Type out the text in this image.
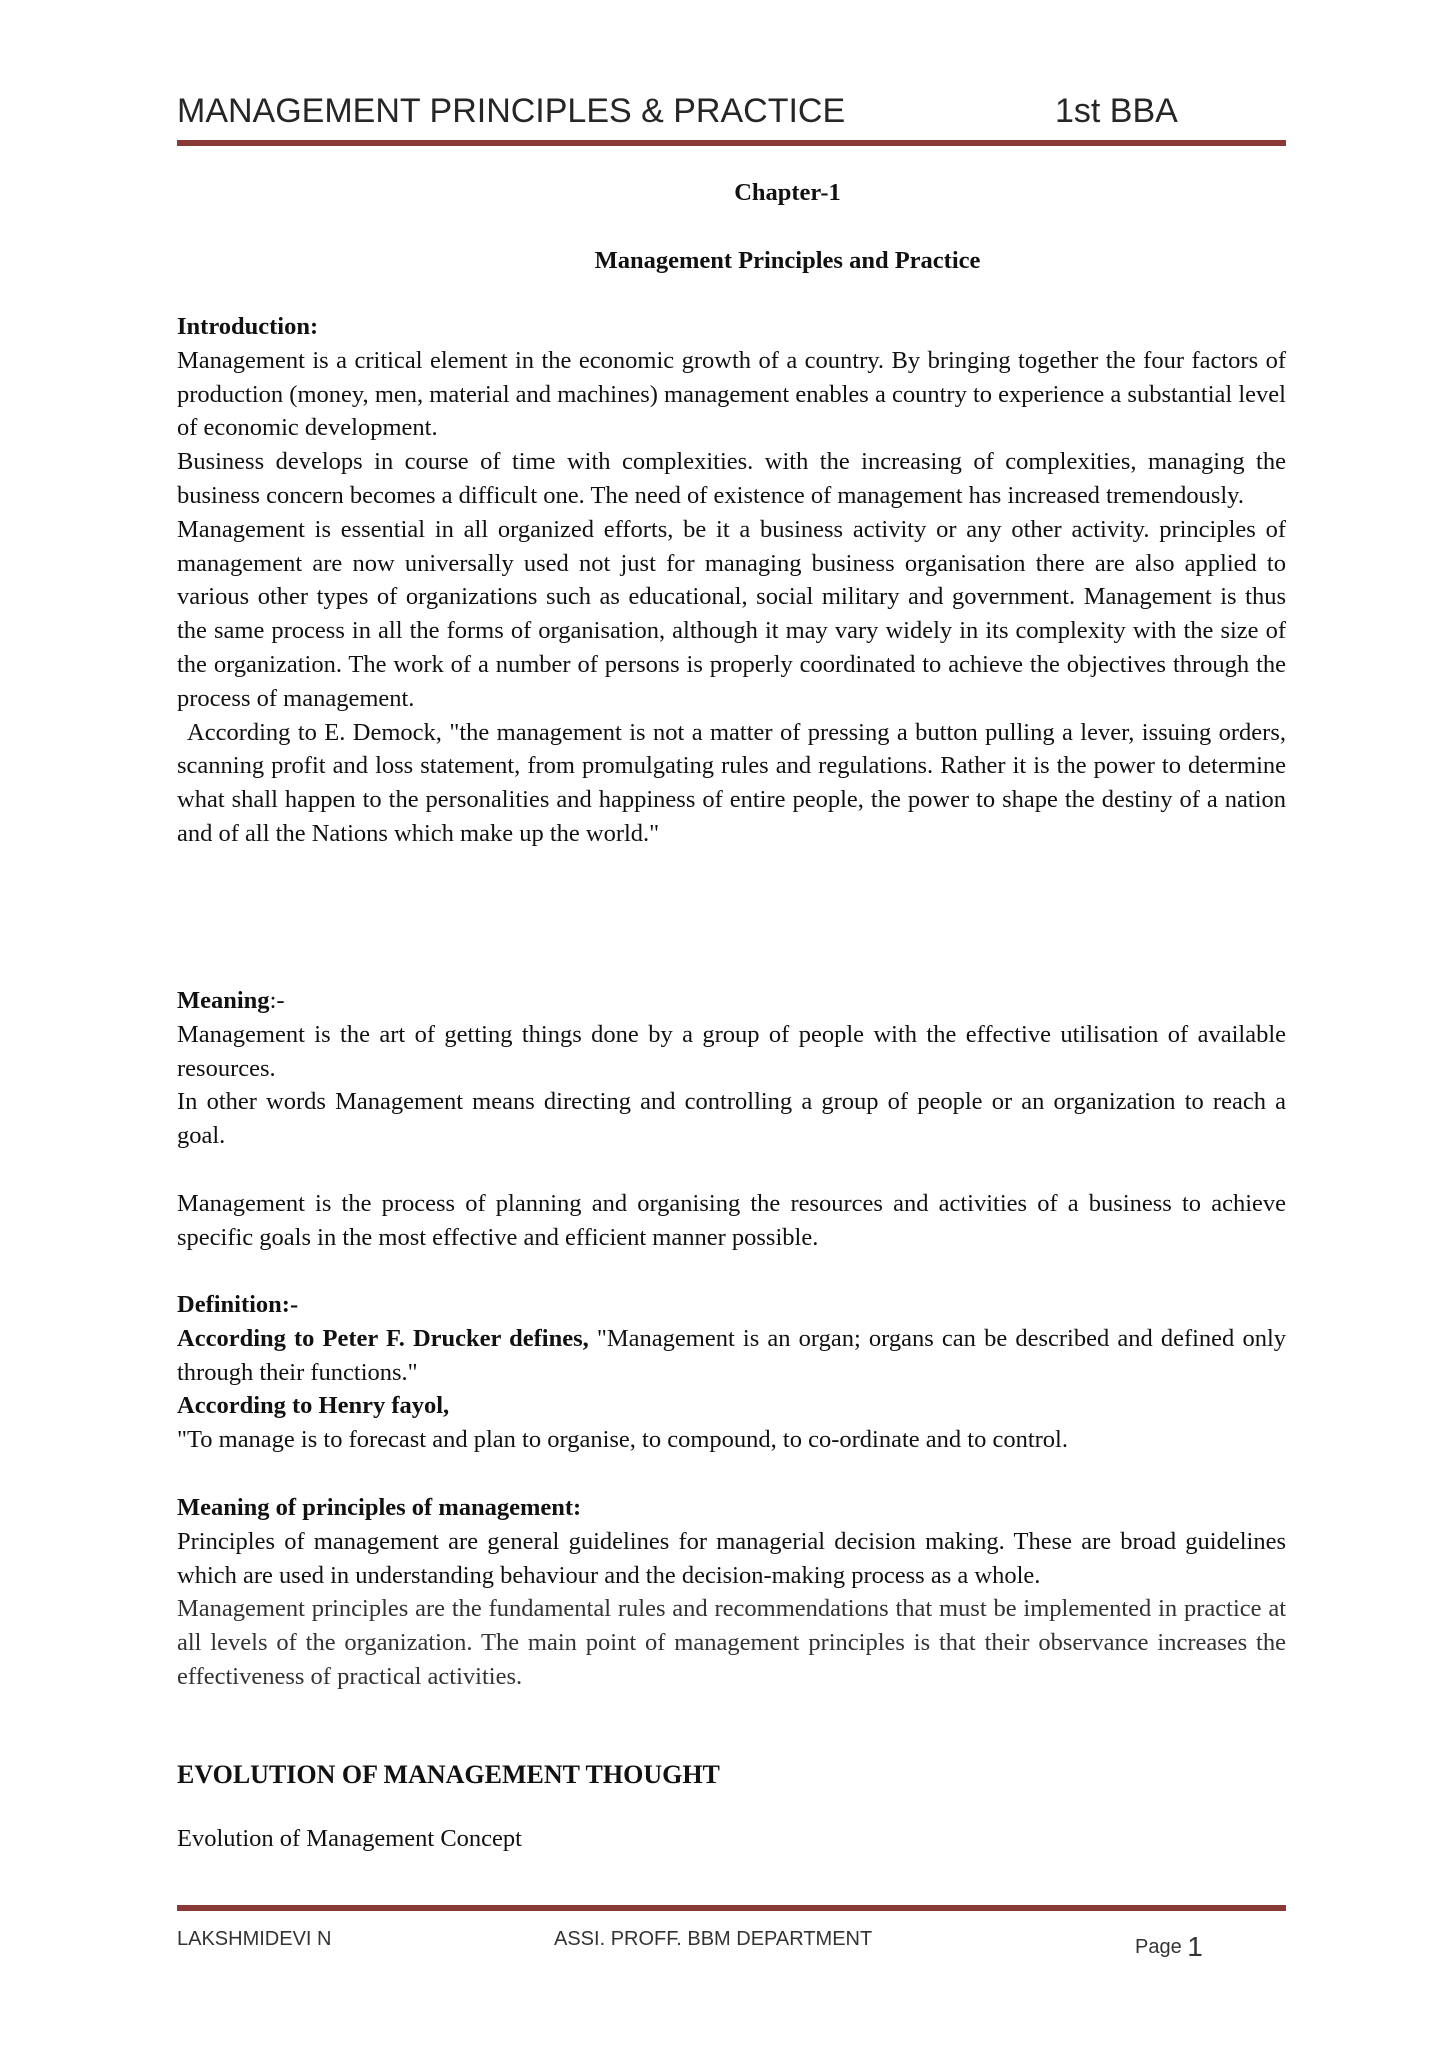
MANAGEMENT PRINCIPLES & PRACTICE	1st BBA
Chapter-1
Management Principles and Practice

Introduction:

Management is a critical element in the economic growth of a country. By bringing together the four factors of production (money, men, material and machines) management enables a country to experience a substantial level of economic development.

Business develops in course of time with complexities. with the increasing of complexities, managing the business concern becomes a difficult one. The need of existence of management has increased tremendously.

Management is essential in all organized efforts, be it a business activity or any other activity. principles of management are now universally used not just for managing business organisation there are also applied to various other types of organizations such as educational, social military and government. Management is thus the same process in all the forms of organisation, although it may vary widely in its complexity with the size of the organization. The work of a number of persons is properly coordinated to achieve the objectives through the process of management.

According to E. Demock, "the management is not a matter of pressing a button pulling a lever, issuing orders, scanning profit and loss statement, from promulgating rules and regulations. Rather it is the power to determine what shall happen to the personalities and happiness of entire people, the power to shape the destiny of a nation and of all the Nations which make up the world."

Meaning:-

Management is the art of getting things done by a group of people with the effective utilisation of available resources.

In other words Management means directing and controlling a group of people or an organization to reach a goal.

Management is the process of planning and organising the resources and activities of a business to achieve specific goals in the most effective and efficient manner possible.

Definition:-

According to Peter F. Drucker defines, "Management is an organ; organs can be described and defined only through their functions."

According to Henry fayol,

"To manage is to forecast and plan to organise, to compound, to co-ordinate and to control.

Meaning of principles of management:

Principles of management are general guidelines for managerial decision making. These are broad guidelines which are used in understanding behaviour and the decision-making process as a whole.

Management principles are the fundamental rules and recommendations that must be implemented in practice at all levels of the organization. The main point of management principles is that their observance increases the effectiveness of practical activities.

EVOLUTION OF MANAGEMENT THOUGHT

Evolution of Management Concept

LAKSHMIDEVI N	ASSI. PROFF. BBM DEPARTMENT	Page 1
